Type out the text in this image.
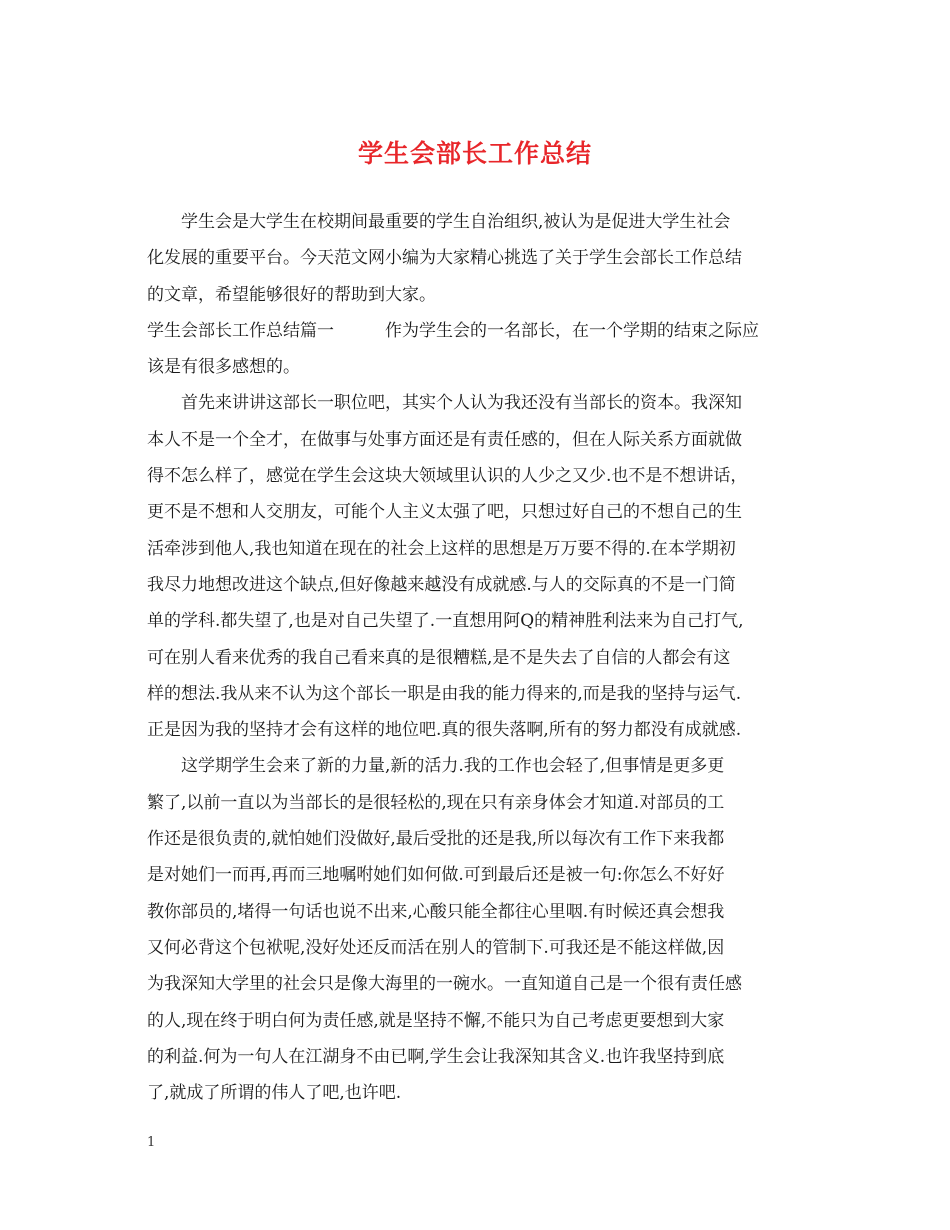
学生会部长工作总结

　　学生会是大学生在校期间最重要的学生自治组织,被认为是促进大学生社会

化发展的重要平台。今天范文网小编为大家精心挑选了关于学生会部长工作总结

的文章，希望能够很好的帮助到大家。

学生会部长工作总结篇一　　　作为学生会的一名部长，在一个学期的结束之际应

该是有很多感想的。

　　首先来讲讲这部长一职位吧，其实个人认为我还没有当部长的资本。我深知

本人不是一个全才，在做事与处事方面还是有责任感的，但在人际关系方面就做

得不怎么样了，感觉在学生会这块大领域里认识的人少之又少.也不是不想讲话，

更不是不想和人交朋友，可能个人主义太强了吧，只想过好自己的不想自己的生

活牵涉到他人,我也知道在现在的社会上这样的思想是万万要不得的.在本学期初

我尽力地想改进这个缺点,但好像越来越没有成就感.与人的交际真的不是一门简

单的学科.都失望了,也是对自己失望了.一直想用阿Q的精神胜利法来为自己打气,

可在别人看来优秀的我自己看来真的是很糟糕,是不是失去了自信的人都会有这

样的想法.我从来不认为这个部长一职是由我的能力得来的,而是我的坚持与运气.

正是因为我的坚持才会有这样的地位吧.真的很失落啊,所有的努力都没有成就感.

　　这学期学生会来了新的力量,新的活力.我的工作也会轻了,但事情是更多更

繁了,以前一直以为当部长的是很轻松的,现在只有亲身体会才知道.对部员的工

作还是很负责的,就怕她们没做好,最后受批的还是我,所以每次有工作下来我都

是对她们一而再,再而三地嘱咐她们如何做.可到最后还是被一句:你怎么不好好

教你部员的,堵得一句话也说不出来,心酸只能全都往心里咽.有时候还真会想我

又何必背这个包袱呢,没好处还反而活在别人的管制下.可我还是不能这样做,因

为我深知大学里的社会只是像大海里的一碗水。一直知道自己是一个很有责任感

的人,现在终于明白何为责任感,就是坚持不懈,不能只为自己考虑更要想到大家

的利益.何为一句人在江湖身不由已啊,学生会让我深知其含义.也许我坚持到底

了,就成了所谓的伟人了吧,也许吧.

1
